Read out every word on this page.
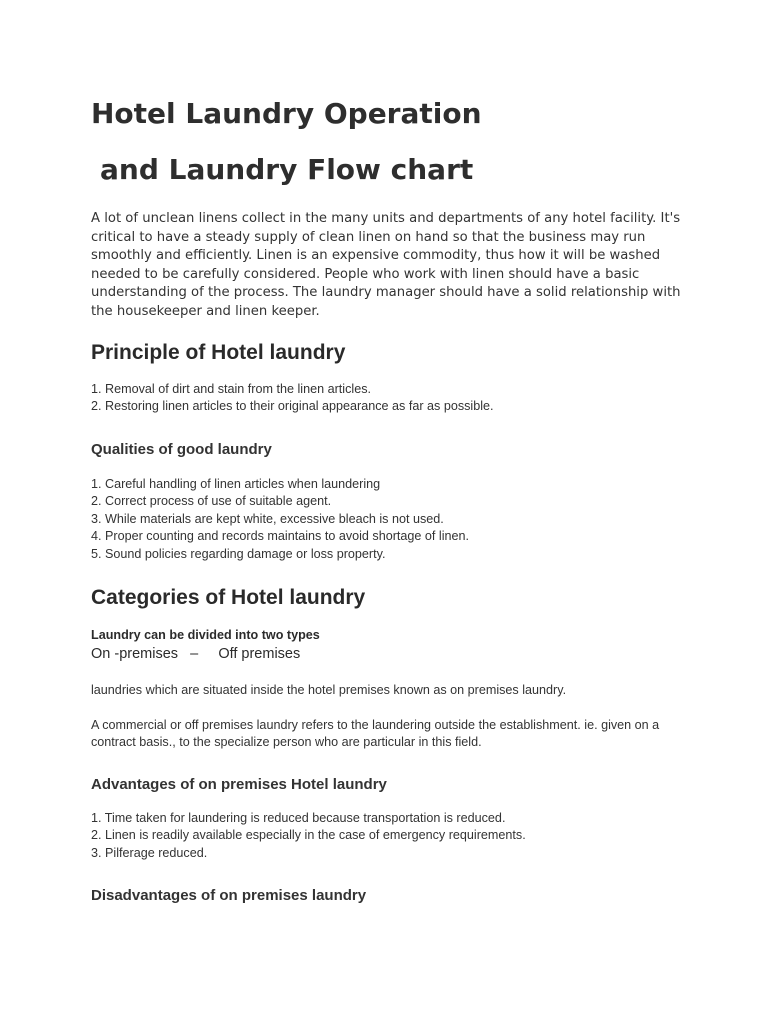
Hotel Laundry Operation
and Laundry Flow chart

A lot of unclean linens collect in the many units and departments of any hotel facility. It's critical to have a steady supply of clean linen on hand so that the business may run smoothly and efficiently. Linen is an expensive commodity, thus how it will be washed needed to be carefully considered. People who work with linen should have a basic understanding of the process. The laundry manager should have a solid relationship with the housekeeper and linen keeper.

Principle of Hotel laundry
1. Removal of dirt and stain from the linen articles.
2. Restoring linen articles to their original appearance as far as possible.
Qualities of good laundry
1. Careful handling of linen articles when laundering
2. Correct process of use of suitable agent.
3. While materials are kept white, excessive bleach is not used.
4. Proper counting and records maintains to avoid shortage of linen.
5. Sound policies regarding damage or loss property.
Categories of Hotel laundry

Laundry can be divided into two types

On -premises   –     Off premises

laundries which are situated inside the hotel premises known as on premises laundry.

A commercial or off premises laundry refers to the laundering outside the establishment. ie. given on a contract basis., to the specialize person who are particular in this field.

Advantages of on premises Hotel laundry
1. Time taken for laundering is reduced because transportation is reduced.
2. Linen is readily available especially in the case of emergency requirements.
3. Pilferage reduced.
Disadvantages of on premises laundry
